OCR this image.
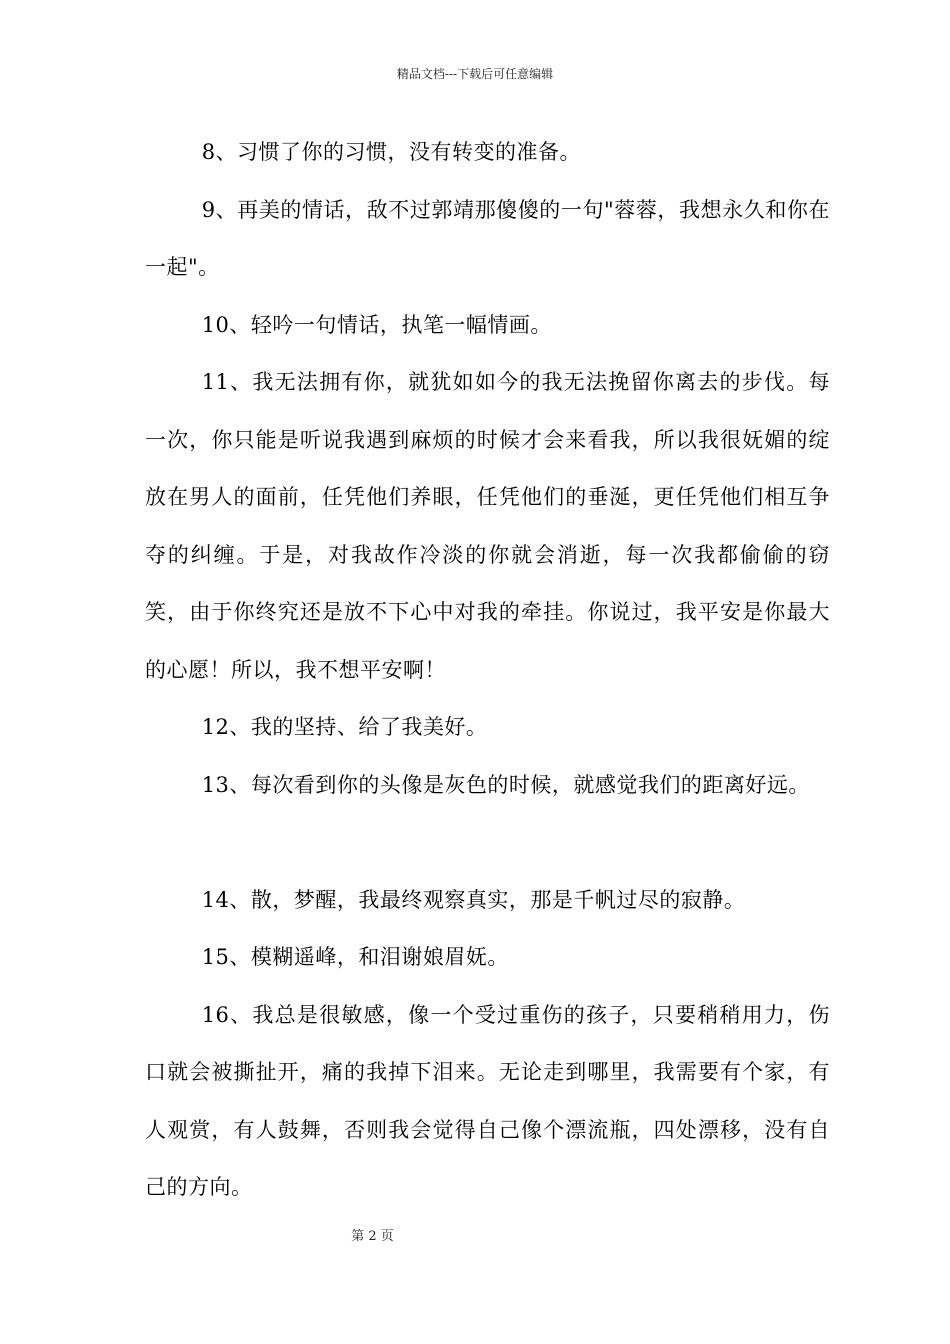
精品文档---下载后可任意编辑

8、习惯了你的习惯，没有转变的准备。

9、再美的情话，敌不过郭靖那傻傻的一句"蓉蓉，我想永久和你在一起"。

10、轻吟一句情话，执笔一幅情画。

11、我无法拥有你，就犹如如今的我无法挽留你离去的步伐。每一次，你只能是听说我遇到麻烦的时候才会来看我，所以我很妩媚的绽放在男人的面前，任凭他们养眼，任凭他们的垂涎，更任凭他们相互争夺的纠缠。于是，对我故作冷淡的你就会消逝，每一次我都偷偷的窃笑，由于你终究还是放不下心中对我的牵挂。你说过，我平安是你最大的心愿！所以，我不想平安啊！

12、我的坚持、给了我美好。

13、每次看到你的头像是灰色的时候，就感觉我们的距离好远。

14、散，梦醒，我最终观察真实，那是千帆过尽的寂静。

15、模糊遥峰，和泪谢娘眉妩。

16、我总是很敏感，像一个受过重伤的孩子，只要稍稍用力，伤口就会被撕扯开，痛的我掉下泪来。无论走到哪里，我需要有个家，有人观赏，有人鼓舞，否则我会觉得自己像个漂流瓶，四处漂移，没有自己的方向。

第 2 页
